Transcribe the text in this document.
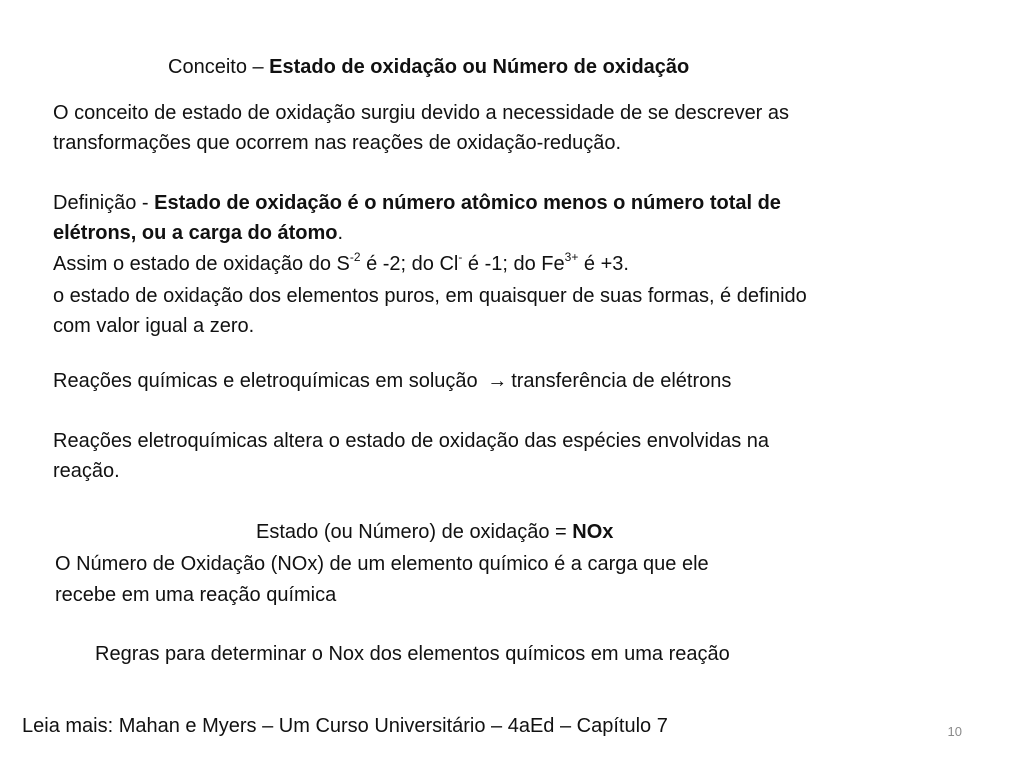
Conceito – Estado de oxidação ou Número de oxidação
O conceito de estado de oxidação surgiu devido a necessidade de se descrever as
transformações que ocorrem nas reações de oxidação-redução.
Definição - Estado de oxidação é o número atômico menos o número total de
elétrons, ou a carga do átomo.
Assim o estado de oxidação do $S^{-2}$ é -2; do Cl- é -1; do $Fe^{3+}$ é +3.
o estado de oxidação dos elementos puros, em quaisquer de suas formas, é definido
com valor igual a zero.
Reações químicas e eletroquímicas em solução → transferência de elétrons
Reações eletroquímicas altera o estado de oxidação das espécies envolvidas na
reação.
Estado (ou Número) de oxidação = NOx
O Número de Oxidação (NOx) de um elemento químico é a carga que ele
recebe em uma reação química
Regras para determinar o Nox dos elementos químicos em uma reação
Leia mais: Mahan e Myers – Um Curso Universitário – 4aEd – Capítulo 7	10
